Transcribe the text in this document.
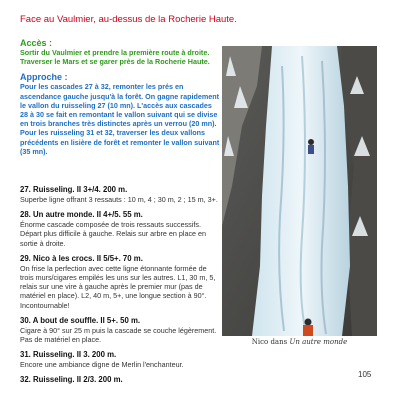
Face au Vaulmier, au-dessus de la Rocherie Haute.
Accès :
Sortir du Vaulmier et prendre la première route à droite. Traverser le Mars et se garer près de la Rocherie Haute.
Approche :
Pour les cascades 27 à 32, remonter les prés en ascendance gauche jusqu'à la forêt. On gagne rapidement le vallon du ruisseling 27 (10 mn). L'accès aux cascades 28 à 30 se fait en remontant le vallon suivant qui se divise en trois branches très distinctes après un verrou (20 mn). Pour les ruisseling 31 et 32, traverser les deux vallons précédents en lisière de forêt et remonter le vallon suivant (35 mn).
27. Ruisseling. II 3+/4. 200 m.
Superbe ligne offrant 3 ressauts : 10 m, 4 ; 30 m, 2 ; 15 m, 3+.
28. Un autre monde. II 4+/5. 55 m.
Énorme cascade composée de trois ressauts successifs. Départ plus difficile à gauche. Relais sur arbre en place en sortie à droite.
29. Nico à les crocs. II 5/5+. 70 m.
On frise la perfection avec cette ligne étonnante formée de trois murs/cigares empilés les uns sur les autres. L1, 30 m, 5, relais sur une vire à gauche après le premier mur (pas de matériel en place). L2, 40 m, 5+, une longue section à 90°. Incontournable!
30. A bout de souffle. II 5+. 50 m.
Cigare à 90° sur 25 m puis la cascade se couche légèrement. Pas de matériel en place.
31. Ruisseling. II 3. 200 m.
Encore une ambiance digne de Merlin l'enchanteur.
32. Ruisseling. II 2/3. 200 m.
Nico dans Un autre monde
105
